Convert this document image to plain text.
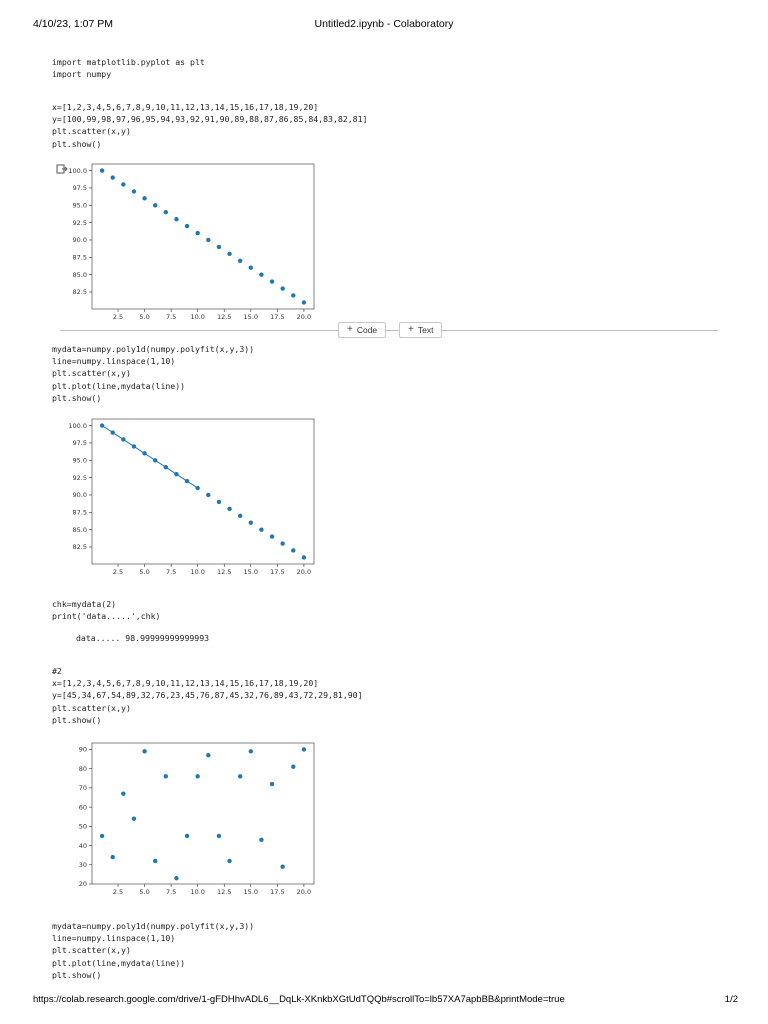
4/10/23, 1:07 PM	Untitled2.ipynb - Colaboratory
import matplotlib.pyplot as plt
import numpy
x=[1,2,3,4,5,6,7,8,9,10,11,12,13,14,15,16,17,18,19,20]
y=[100,99,98,97,96,95,94,93,92,91,90,89,88,87,86,85,84,83,82,81]
plt.scatter(x,y)
plt.show()
2.5 5.0 7.5 10.0 12.5 15.0 17.5 20.0
82.5
85.0
87.5
90.0
92.5
95.0
97.5
100.0
+ Code	+ Text
mydata=numpy.poly1d(numpy.polyfit(x,y,3))
line=numpy.linspace(1,10)
plt.scatter(x,y)
plt.plot(line,mydata(line))
plt.show()
2.5 5.0 7.5 10.0 12.5 15.0 17.5 20.0
82.5
85.0
87.5
90.0
92.5
95.0
97.5
100.0
chk=mydata(2)
print('data.....',chk)
data..... 98.99999999999993
#2
x=[1,2,3,4,5,6,7,8,9,10,11,12,13,14,15,16,17,18,19,20]
y=[45,34,67,54,89,32,76,23,45,76,87,45,32,76,89,43,72,29,81,90]
plt.scatter(x,y)
plt.show()
2.5 5.0 7.5 10.0 12.5 15.0 17.5 20.0
20
30
40
50
60
70
80
90
mydata=numpy.poly1d(numpy.polyfit(x,y,3))
line=numpy.linspace(1,10)
plt.scatter(x,y)
plt.plot(line,mydata(line))
plt.show()
https://colab.research.google.com/drive/1-gFDHhvADL6__DqLk-XKnkbXGtUdTQQb#scrollTo=lb57XA7apbBB&printMode=true	1/2
